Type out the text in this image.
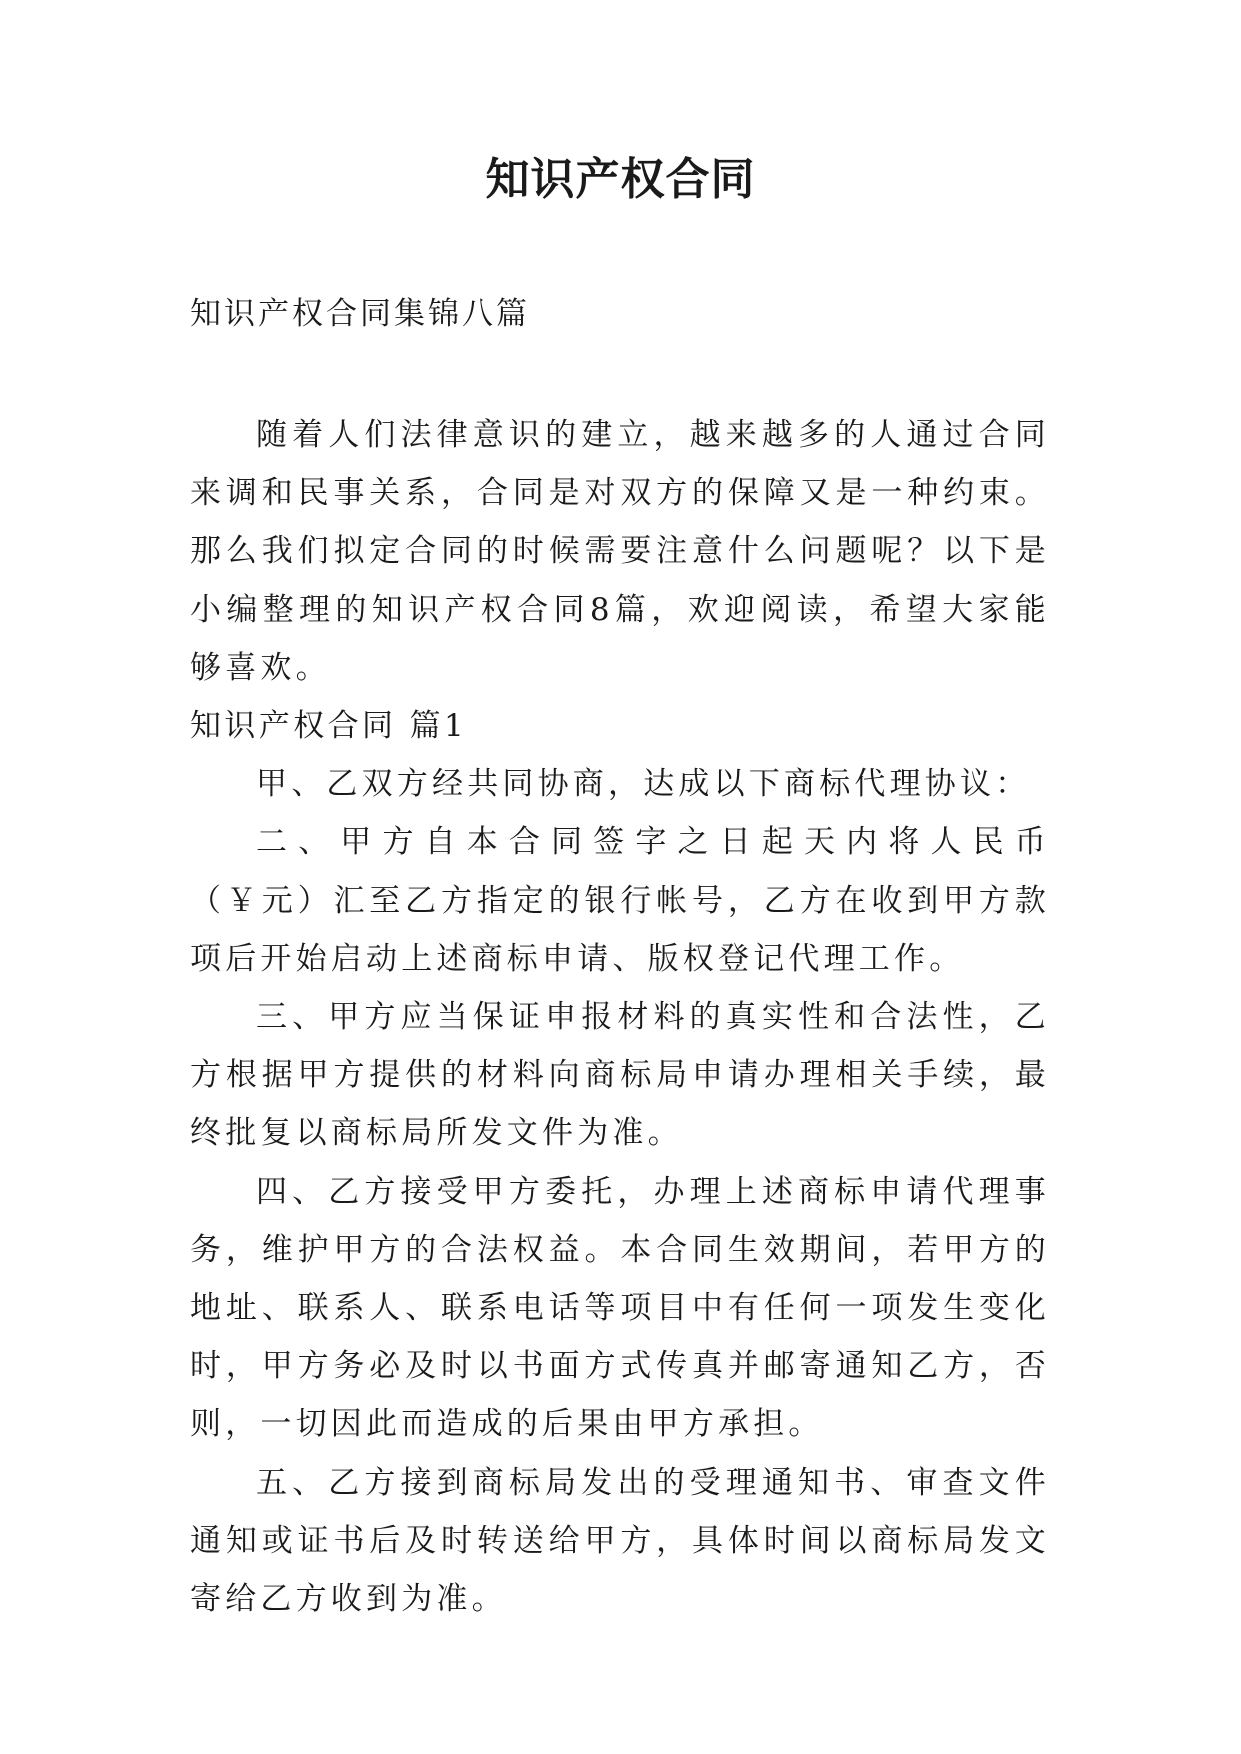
知识产权合同
知识产权合同集锦八篇

随着人们法律意识的建立，越来越多的人通过合同来调和民事关系，合同是对双方的保障又是一种约束。那么我们拟定合同的时候需要注意什么问题呢？以下是小编整理的知识产权合同8篇，欢迎阅读，希望大家能够喜欢。

知识产权合同 篇1

甲、乙双方经共同协商，达成以下商标代理协议：

二、甲方自本合同签字之日起天内将人民币（￥元）汇至乙方指定的银行帐号，乙方在收到甲方款项后开始启动上述商标申请、版权登记代理工作。

三、甲方应当保证申报材料的真实性和合法性，乙方根据甲方提供的材料向商标局申请办理相关手续，最终批复以商标局所发文件为准。

四、乙方接受甲方委托，办理上述商标申请代理事务，维护甲方的合法权益。本合同生效期间，若甲方的地址、联系人、联系电话等项目中有任何一项发生变化时，甲方务必及时以书面方式传真并邮寄通知乙方，否则，一切因此而造成的后果由甲方承担。

五、乙方接到商标局发出的受理通知书、审查文件通知或证书后及时转送给甲方，具体时间以商标局发文寄给乙方收到为准。
